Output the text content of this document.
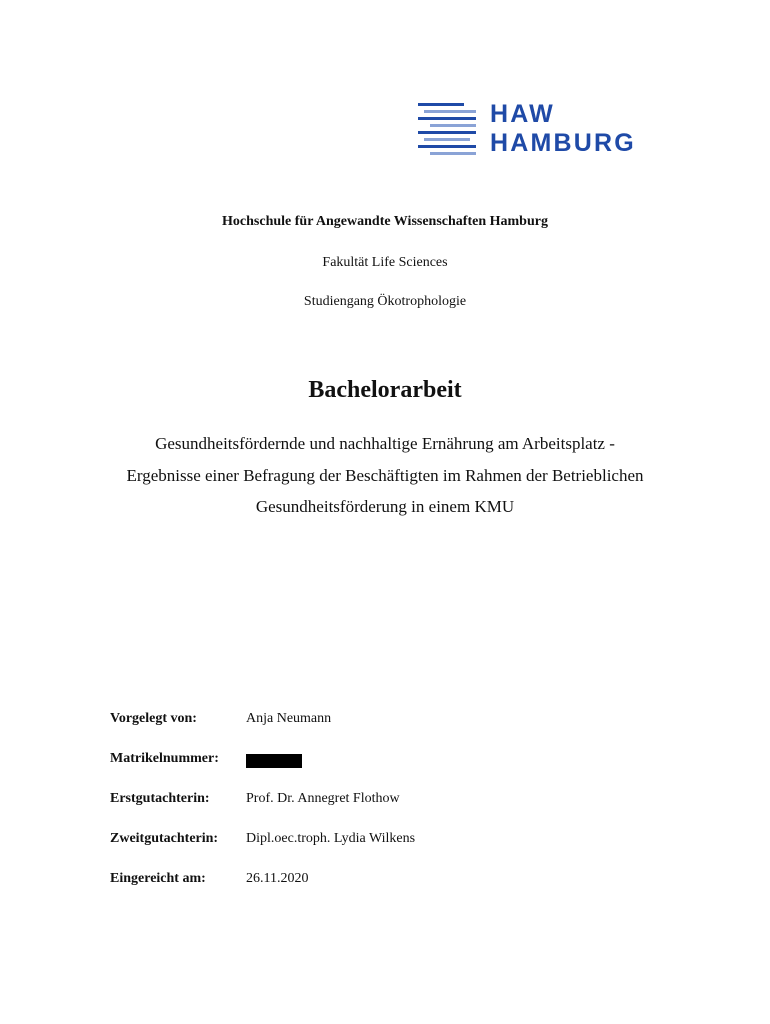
HAW
HAMBURG

Hochschule für Angewandte Wissenschaften Hamburg

Fakultät Life Sciences

Studiengang Ökotrophologie

Bachelorarbeit
Gesundheitsfördernde und nachhaltige Ernährung am Arbeitsplatz -
Ergebnisse einer Befragung der Beschäftigten im Rahmen der Betrieblichen
Gesundheitsförderung in einem KMU
Vorgelegt von:	Anja Neumann
Matrikelnummer:
Erstgutachterin:	Prof. Dr. Annegret Flothow
Zweitgutachterin: Dipl.oec.troph. Lydia Wilkens
Eingereicht am:	26.11.2020
